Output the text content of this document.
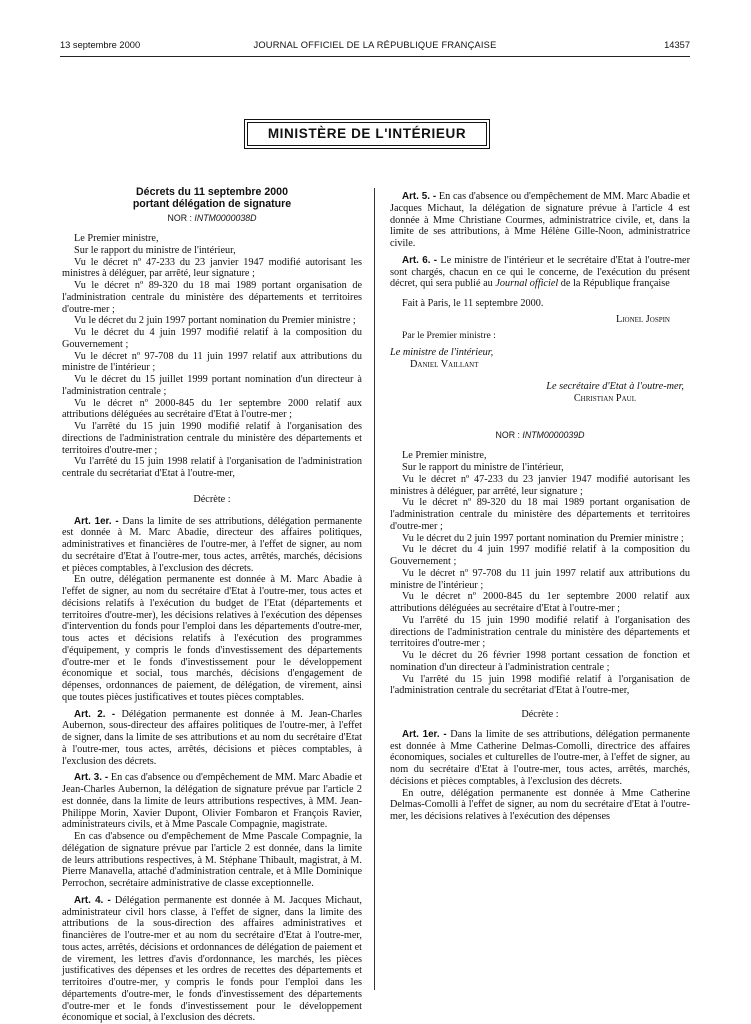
13 septembre 2000	JOURNAL OFFICIEL DE LA RÉPUBLIQUE FRANÇAISE	14357
MINISTÈRE DE L'INTÉRIEUR
Décrets du 11 septembre 2000
portant délégation de signature
NOR : INTM0000038D

Le Premier ministre,

Sur le rapport du ministre de l'intérieur,

Vu le décret nº 47-233 du 23 janvier 1947 modifié autorisant les ministres à déléguer, par arrêté, leur signature ;

Vu le décret nº 89-320 du 18 mai 1989 portant organisation de l'administration centrale du ministère des départements et territoires d'outre-mer ;

Vu le décret du 2 juin 1997 portant nomination du Premier ministre ;

Vu le décret du 4 juin 1997 modifié relatif à la composition du Gouvernement ;

Vu le décret nº 97-708 du 11 juin 1997 relatif aux attributions du ministre de l'intérieur ;

Vu le décret du 15 juillet 1999 portant nomination d'un directeur à l'administration centrale ;

Vu le décret nº 2000-845 du 1er septembre 2000 relatif aux attributions déléguées au secrétaire d'Etat à l'outre-mer ;

Vu l'arrêté du 15 juin 1990 modifié relatif à l'organisation des directions de l'administration centrale du ministère des départements et territoires d'outre-mer ;

Vu l'arrêté du 15 juin 1998 relatif à l'organisation de l'administration centrale du secrétariat d'Etat à l'outre-mer,

Décrète :

Art. 1er. - Dans la limite de ses attributions, délégation permanente est donnée à M. Marc Abadie, directeur des affaires politiques, administratives et financières de l'outre-mer, à l'effet de signer, au nom du secrétaire d'Etat à l'outre-mer, tous actes, arrêtés, marchés, décisions et pièces comptables, à l'exclusion des décrets.

En outre, délégation permanente est donnée à M. Marc Abadie à l'effet de signer, au nom du secrétaire d'Etat à l'outre-mer, tous actes et décisions relatifs à l'exécution du budget de l'Etat (départements et territoires d'outre-mer), les décisions relatives à l'exécution des dépenses d'intervention du fonds pour l'emploi dans les départements d'outre-mer, tous actes et décisions relatifs à l'exécution des programmes d'équipement, y compris le fonds d'investissement des départements d'outre-mer et le fonds d'investissement pour le développement économique et social, tous marchés, décisions d'engagement de dépenses, ordonnances de paiement, de délégation, de virement, ainsi que toutes pièces justificatives et toutes pièces comptables.

Art. 2. - Délégation permanente est donnée à M. Jean-Charles Aubernon, sous-directeur des affaires politiques de l'outre-mer, à l'effet de signer, dans la limite de ses attributions et au nom du secrétaire d'Etat à l'outre-mer, tous actes, arrêtés, décisions et pièces comptables, à l'exclusion des décrets.

Art. 3. - En cas d'absence ou d'empêchement de MM. Marc Abadie et Jean-Charles Aubernon, la délégation de signature prévue par l'article 2 est donnée, dans la limite de leurs attributions respectives, à MM. Jean-Philippe Morin, Xavier Dupont, Olivier Fombaron et François Ravier, administrateurs civils, et à Mme Pascale Compagnie, magistrate.

En cas d'absence ou d'empêchement de Mme Pascale Compagnie, la délégation de signature prévue par l'article 2 est donnée, dans la limite de leurs attributions respectives, à M. Stéphane Thibault, magistrat, à M. Pierre Manavella, attaché d'administration centrale, et à Mlle Dominique Perrochon, secrétaire administrative de classe exceptionnelle.

Art. 4. - Délégation permanente est donnée à M. Jacques Michaut, administrateur civil hors classe, à l'effet de signer, dans la limite des attributions de la sous-direction des affaires administratives et financières de l'outre-mer et au nom du secrétaire d'Etat à l'outre-mer, tous actes, arrêtés, décisions et ordonnances de délégation de paiement et de virement, les lettres d'avis d'ordonnance, les marchés, les pièces justificatives des dépenses et les ordres de recettes des départements et territoires d'outre-mer, y compris le fonds pour l'emploi dans les départements d'outre-mer, le fonds d'investissement des départements d'outre-mer et le fonds d'investissement pour le développement économique et social, à l'exclusion des décrets.

Art. 5. - En cas d'absence ou d'empêchement de MM. Marc Abadie et Jacques Michaut, la délégation de signature prévue à l'article 4 est donnée à Mme Christiane Courmes, administratrice civile, et, dans la limite de ses attributions, à Mme Hélène Gille-Noon, administratrice civile.

Art. 6. - Le ministre de l'intérieur et le secrétaire d'Etat à l'outre-mer sont chargés, chacun en ce qui le concerne, de l'exécution du présent décret, qui sera publié au Journal officiel de la République française

Fait à Paris, le 11 septembre 2000.

Lionel Jospin

Par le Premier ministre :

Le ministre de l'intérieur,

Daniel Vaillant

Le secrétaire d'Etat à l'outre-mer,

Christian Paul

NOR : INTM0000039D

Le Premier ministre,

Sur le rapport du ministre de l'intérieur,

Vu le décret nº 47-233 du 23 janvier 1947 modifié autorisant les ministres à déléguer, par arrêté, leur signature ;

Vu le décret nº 89-320 du 18 mai 1989 portant organisation de l'administration centrale du ministère des départements et territoires d'outre-mer ;

Vu le décret du 2 juin 1997 portant nomination du Premier ministre ;

Vu le décret du 4 juin 1997 modifié relatif à la composition du Gouvernement ;

Vu le décret nº 97-708 du 11 juin 1997 relatif aux attributions du ministre de l'intérieur ;

Vu le décret nº 2000-845 du 1er septembre 2000 relatif aux attributions déléguées au secrétaire d'Etat à l'outre-mer ;

Vu l'arrêté du 15 juin 1990 modifié relatif à l'organisation des directions de l'administration centrale du ministère des départements et territoires d'outre-mer ;

Vu le décret du 26 février 1998 portant cessation de fonction et nomination d'un directeur à l'administration centrale ;

Vu l'arrêté du 15 juin 1998 modifié relatif à l'organisation de l'administration centrale du secrétariat d'Etat à l'outre-mer,

Décrète :

Art. 1er. - Dans la limite de ses attributions, délégation permanente est donnée à Mme Catherine Delmas-Comolli, directrice des affaires économiques, sociales et culturelles de l'outre-mer, à l'effet de signer, au nom du secrétaire d'Etat à l'outre-mer, tous actes, arrêtés, marchés, décisions et pièces comptables, à l'exclusion des décrets.

En outre, délégation permanente est donnée à Mme Catherine Delmas-Comolli à l'effet de signer, au nom du secrétaire d'Etat à l'outre-mer, les décisions relatives à l'exécution des dépenses
